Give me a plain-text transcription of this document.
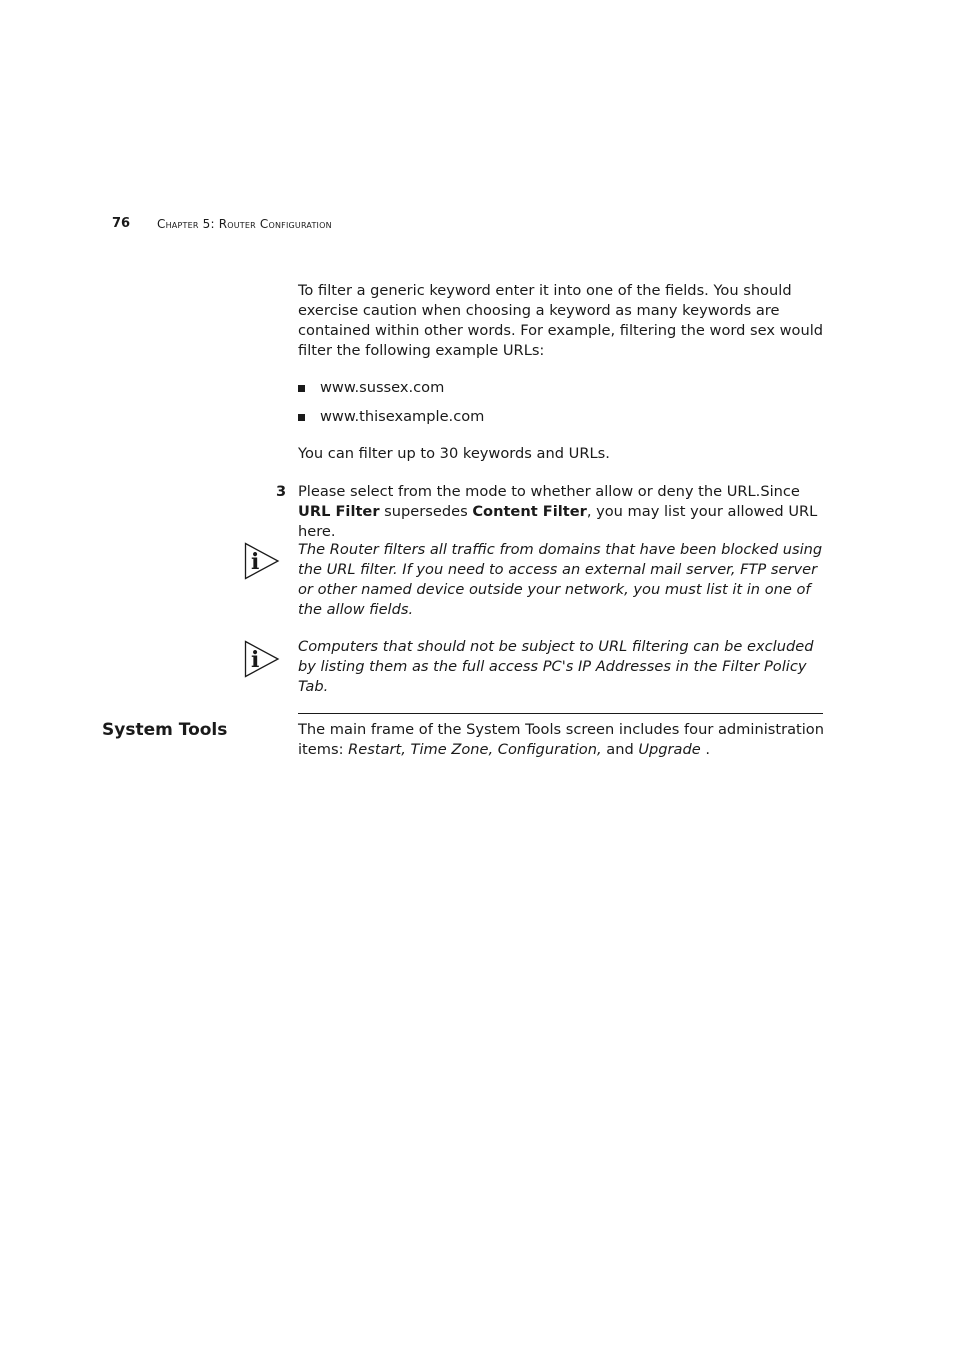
76 Chapter 5: Router Configuration

To filter a generic keyword enter it into one of the fields. You should exercise caution when choosing a keyword as many keywords are contained within other words. For example, filtering the word sex would filter the following example URLs:

www.sussex.com
www.thisexample.com

You can filter up to 30 keywords and URLs.

3 Please select from the mode to whether allow or deny the URL.Since URL Filter supersedes Content Filter, you may list your allowed URL here.

i	The Router filters all traffic from domains that have been blocked using the URL filter. If you need to access an external mail server, FTP server or other named device outside your network, you must list it in one of the allow fields.

i

Computers that should not be subject to URL filtering can be excluded by listing them as the full access PC's IP Addresses in the Filter Policy Tab.

System Tools	The main frame of the System Tools screen includes four administration items: Restart, Time Zone, Configuration, and Upgrade .
